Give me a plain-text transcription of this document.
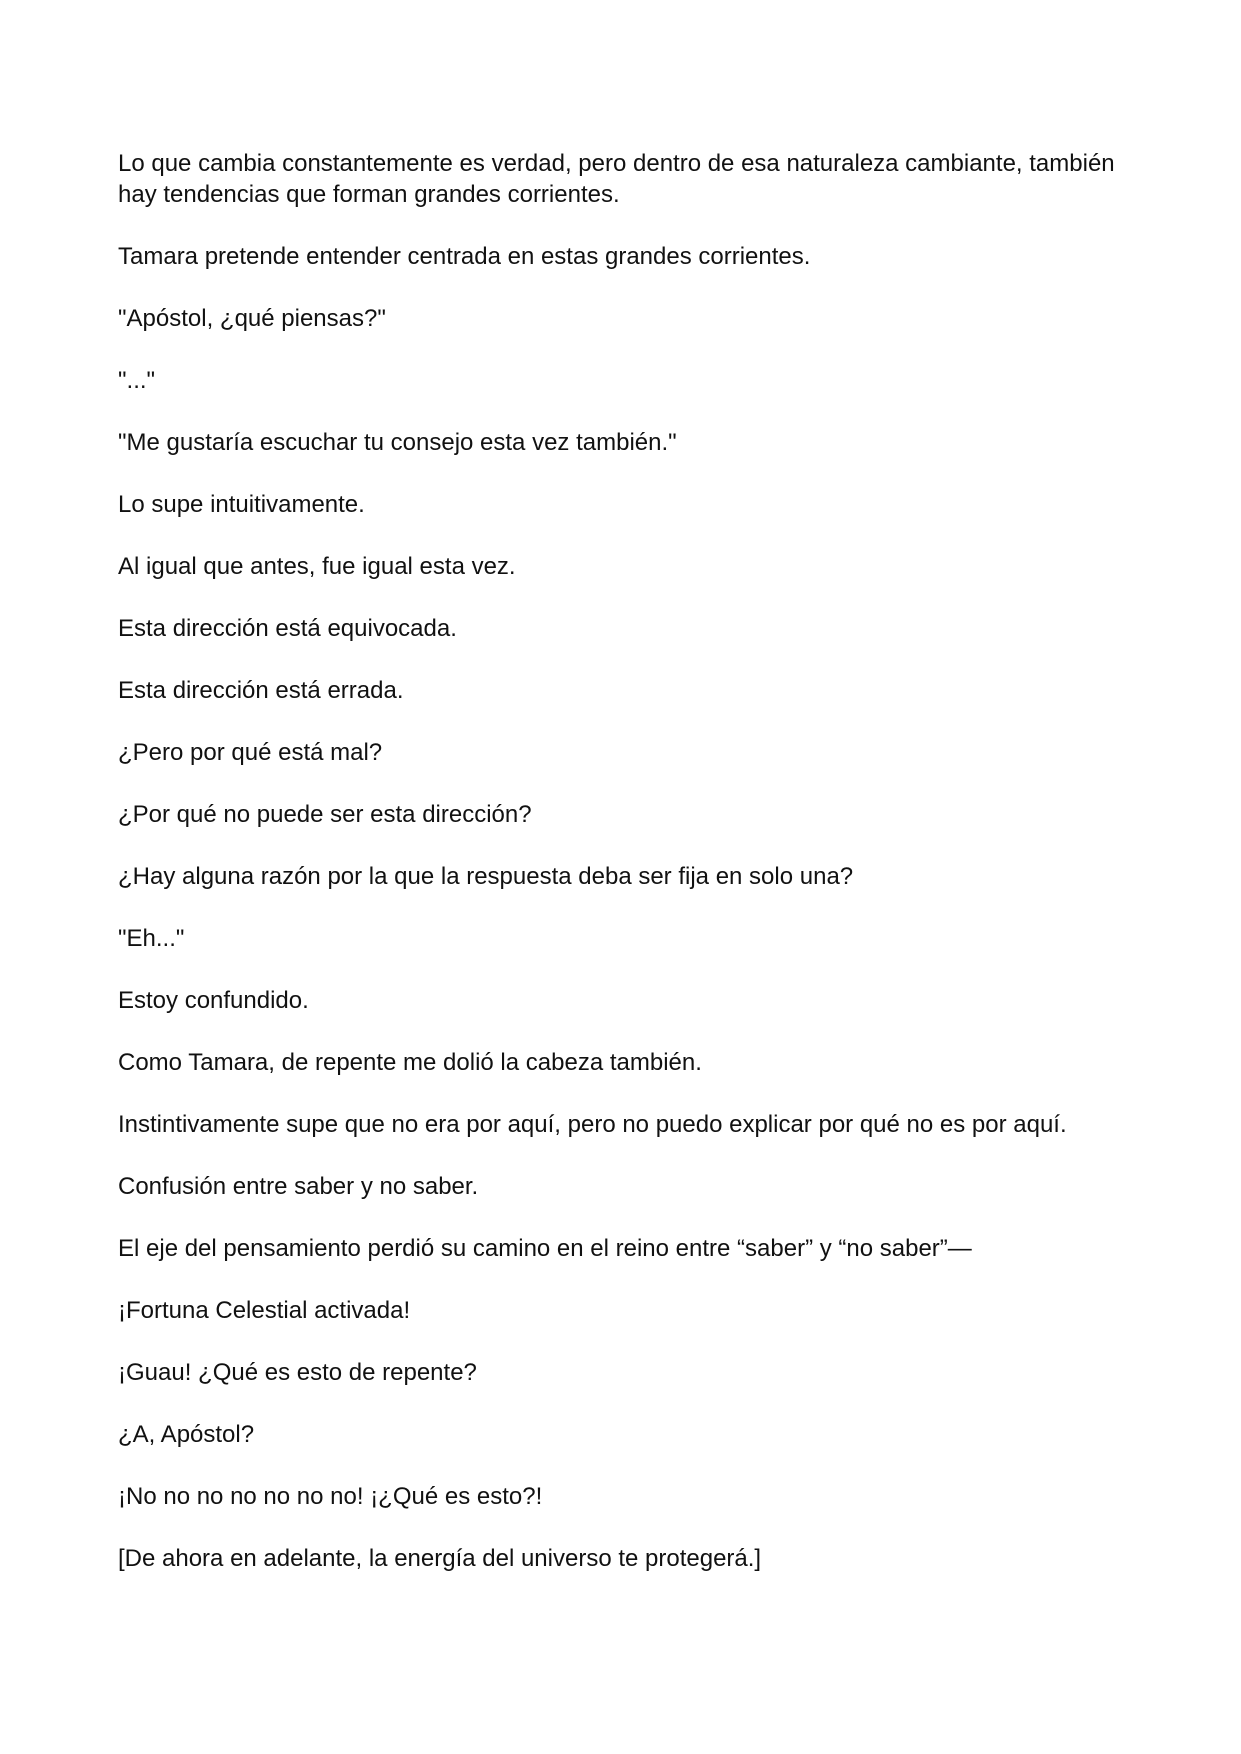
Lo que cambia constantemente es verdad, pero dentro de esa naturaleza cambiante, también hay tendencias que forman grandes corrientes.

Tamara pretende entender centrada en estas grandes corrientes.

"Apóstol, ¿qué piensas?"

"..."

"Me gustaría escuchar tu consejo esta vez también."

Lo supe intuitivamente.

Al igual que antes, fue igual esta vez.

Esta dirección está equivocada.

Esta dirección está errada.

¿Pero por qué está mal?

¿Por qué no puede ser esta dirección?

¿Hay alguna razón por la que la respuesta deba ser fija en solo una?

"Eh..."

Estoy confundido.

Como Tamara, de repente me dolió la cabeza también.

Instintivamente supe que no era por aquí, pero no puedo explicar por qué no es por aquí.

Confusión entre saber y no saber.

El eje del pensamiento perdió su camino en el reino entre “saber” y “no saber”—

¡Fortuna Celestial activada!

¡Guau! ¿Qué es esto de repente?

¿A, Apóstol?

¡No no no no no no no! ¡¿Qué es esto?!

[De ahora en adelante, la energía del universo te protegerá.]
